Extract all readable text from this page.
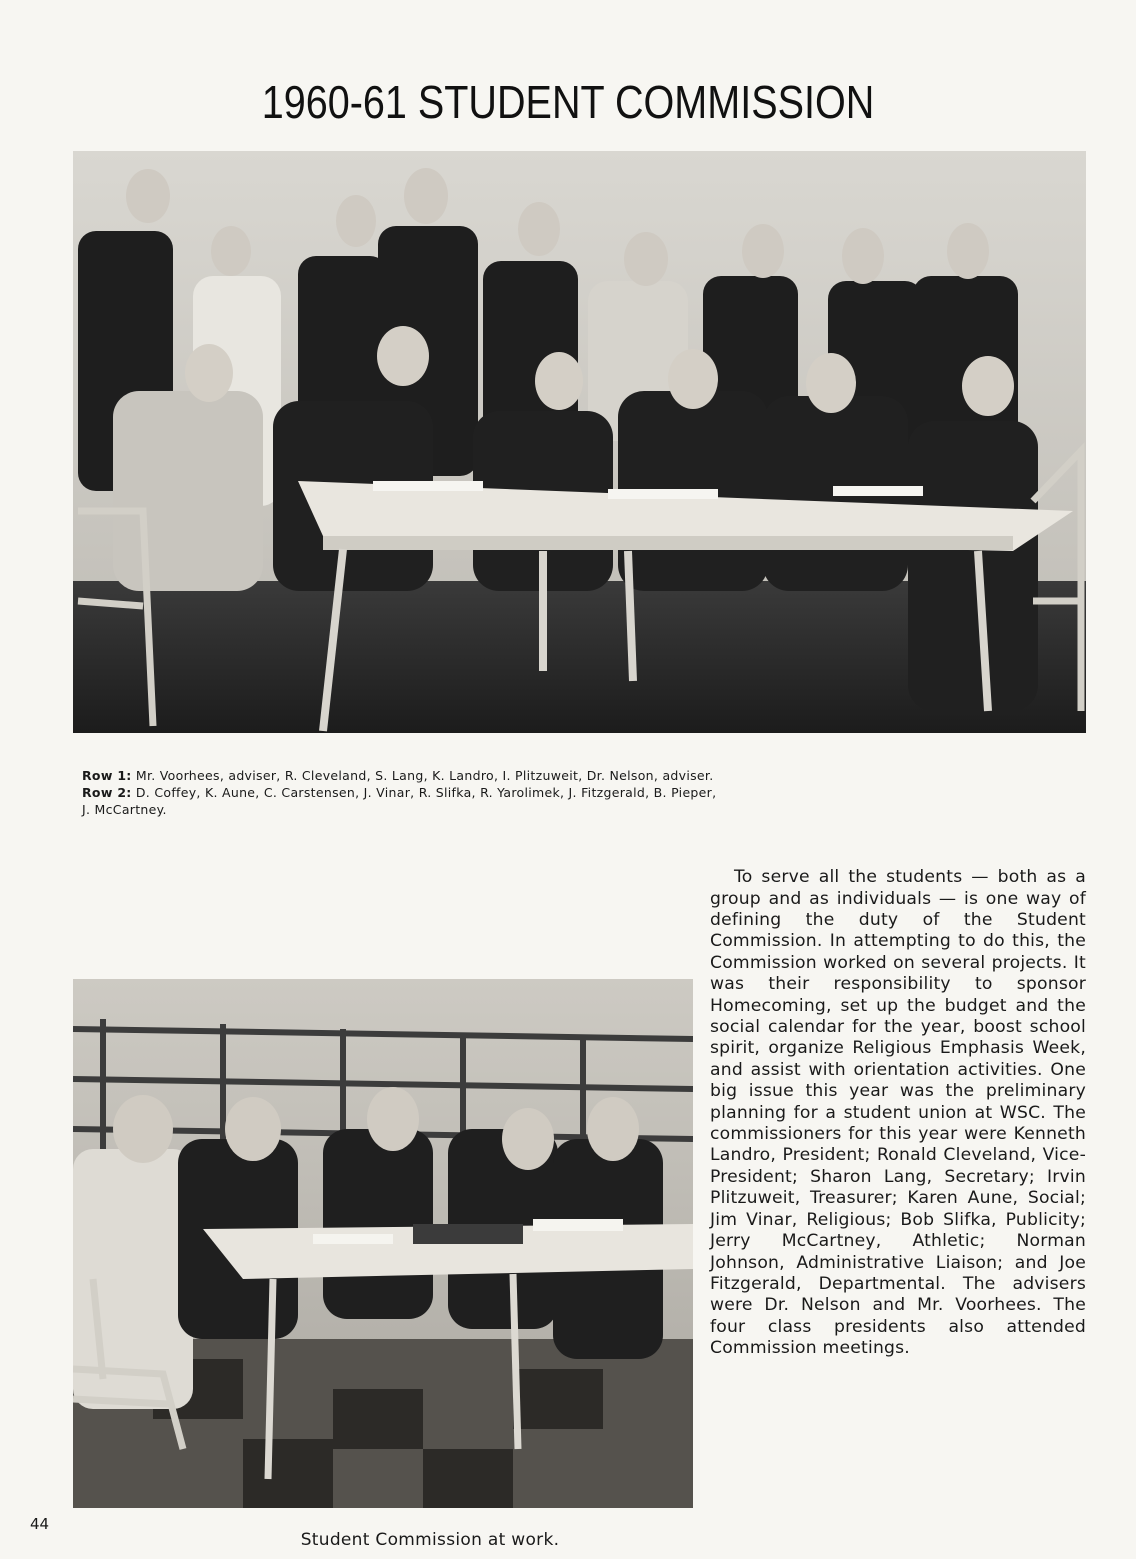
1960-61 STUDENT COMMISSION

Row 1: Mr. Voorhees, adviser, R. Cleveland, S. Lang, K. Landro, I. Plitzuweit, Dr. Nelson, adviser. Row 2: D. Coffey, K. Aune, C. Carstensen, J. Vinar, R. Slifka, R. Yarolimek, J. Fitzgerald, B. Pieper, J. McCartney.

To serve all the students — both as a group and as individuals — is one way of defining the duty of the Student Commission. In attempting to do this, the Commission worked on several projects. It was their responsibility to sponsor Homecoming, set up the budget and the social calendar for the year, boost school spirit, organize Religious Emphasis Week, and assist with orientation activities. One big issue this year was the preliminary planning for a student union at WSC. The commissioners for this year were Kenneth Landro, President; Ronald Cleveland, Vice-President; Sharon Lang, Secretary; Irvin Plitzuweit, Treasurer; Karen Aune, Social; Jim Vinar, Religious; Bob Slifka, Publicity; Jerry McCartney, Athletic; Norman Johnson, Administrative Liaison; and Joe Fitzgerald, Departmental. The advisers were Dr. Nelson and Mr. Voorhees. The four class presidents also attended Commission meetings.

44
Student Commission at work.
